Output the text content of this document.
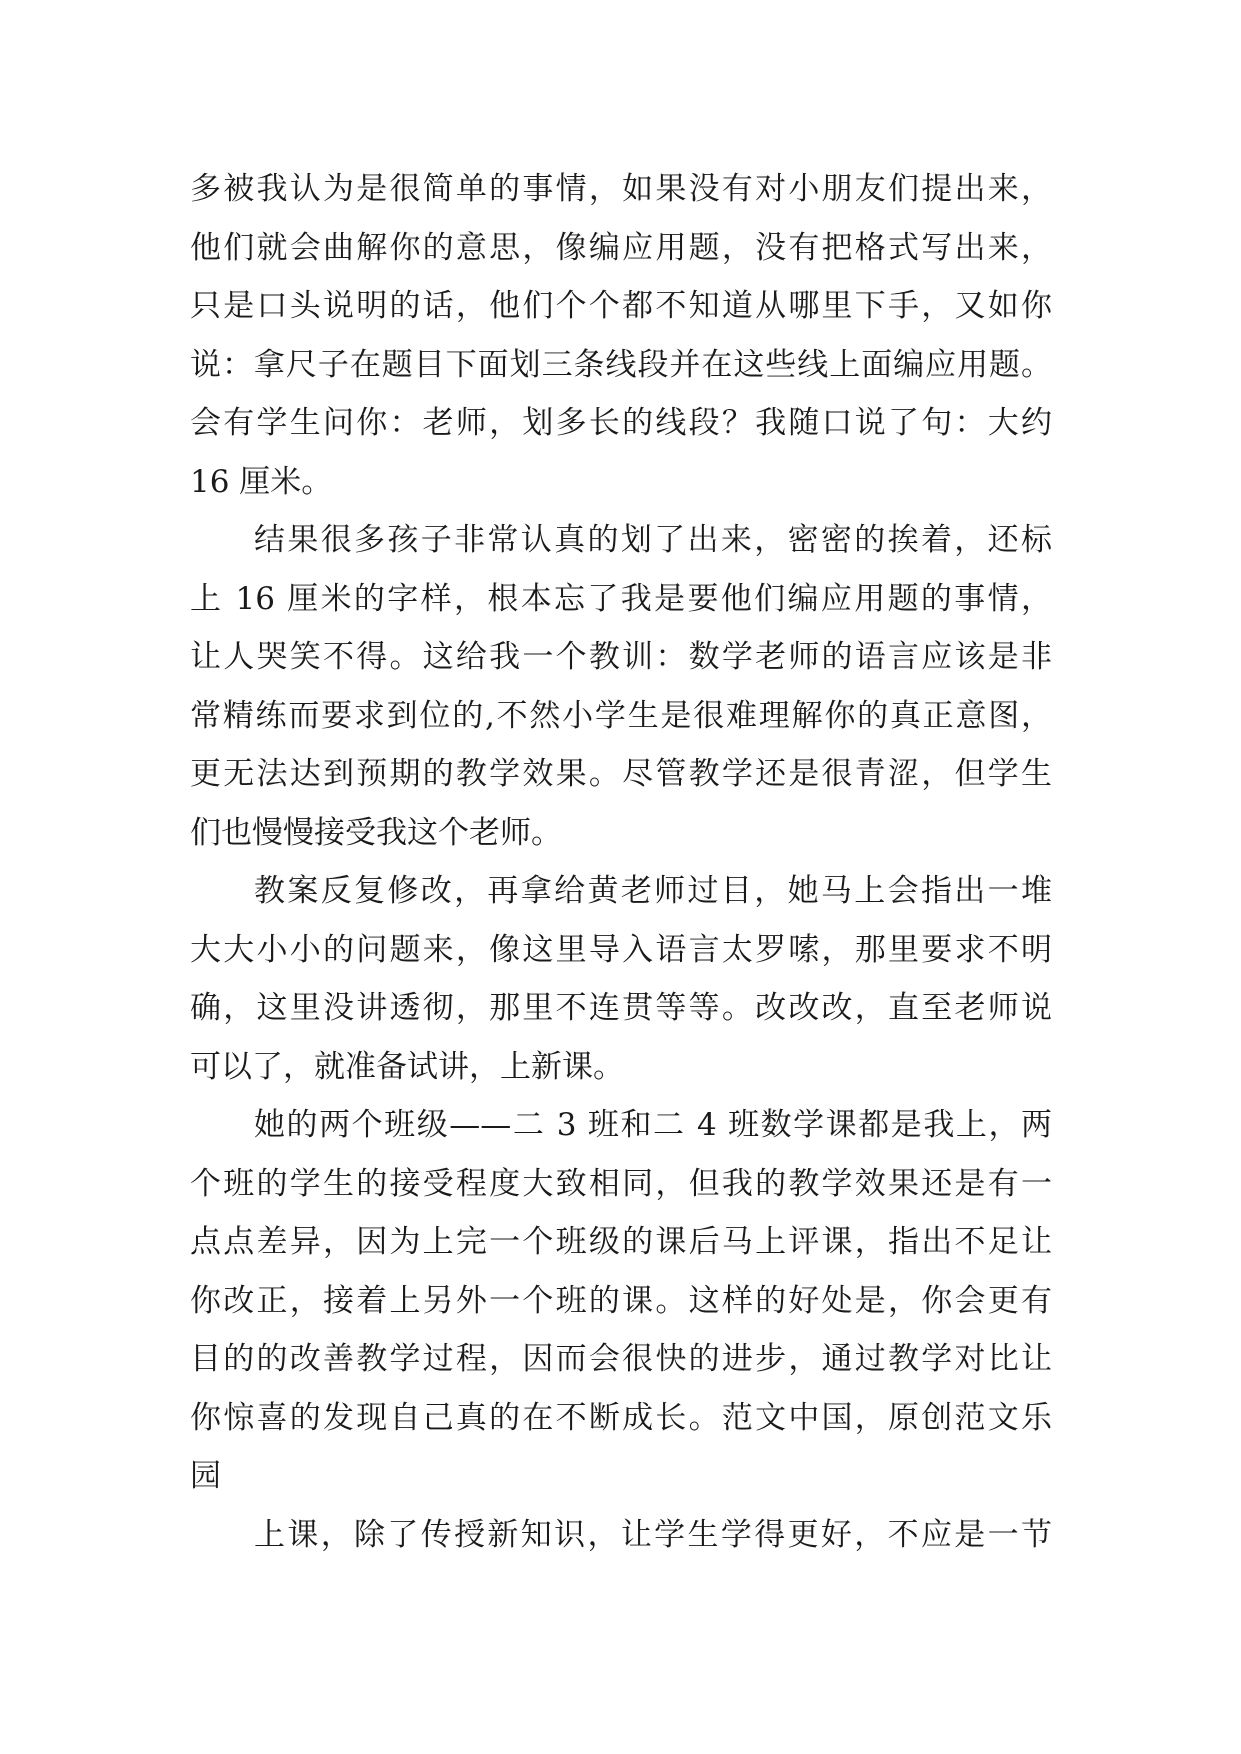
多被我认为是很简单的事情，如果没有对小朋友们提出来，
他们就会曲解你的意思，像编应用题，没有把格式写出来，
只是口头说明的话，他们个个都不知道从哪里下手，又如你
说：拿尺子在题目下面划三条线段并在这些线上面编应用题。
会有学生问你：老师，划多长的线段？我随口说了句：大约
16 厘米。
结果很多孩子非常认真的划了出来，密密的挨着，还标
上 16 厘米的字样，根本忘了我是要他们编应用题的事情，
让人哭笑不得。这给我一个教训：数学老师的语言应该是非
常精练而要求到位的,不然小学生是很难理解你的真正意图，
更无法达到预期的教学效果。尽管教学还是很青涩，但学生
们也慢慢接受我这个老师。
教案反复修改，再拿给黄老师过目，她马上会指出一堆
大大小小的问题来，像这里导入语言太罗嗦，那里要求不明
确，这里没讲透彻，那里不连贯等等。改改改，直至老师说
可以了，就准备试讲，上新课。
她的两个班级——二 3 班和二 4 班数学课都是我上，两
个班的学生的接受程度大致相同，但我的教学效果还是有一
点点差异，因为上完一个班级的课后马上评课，指出不足让
你改正，接着上另外一个班的课。这样的好处是，你会更有
目的的改善教学过程，因而会很快的进步，通过教学对比让
你惊喜的发现自己真的在不断成长。范文中国，原创范文乐
园
上课，除了传授新知识，让学生学得更好，不应是一节
